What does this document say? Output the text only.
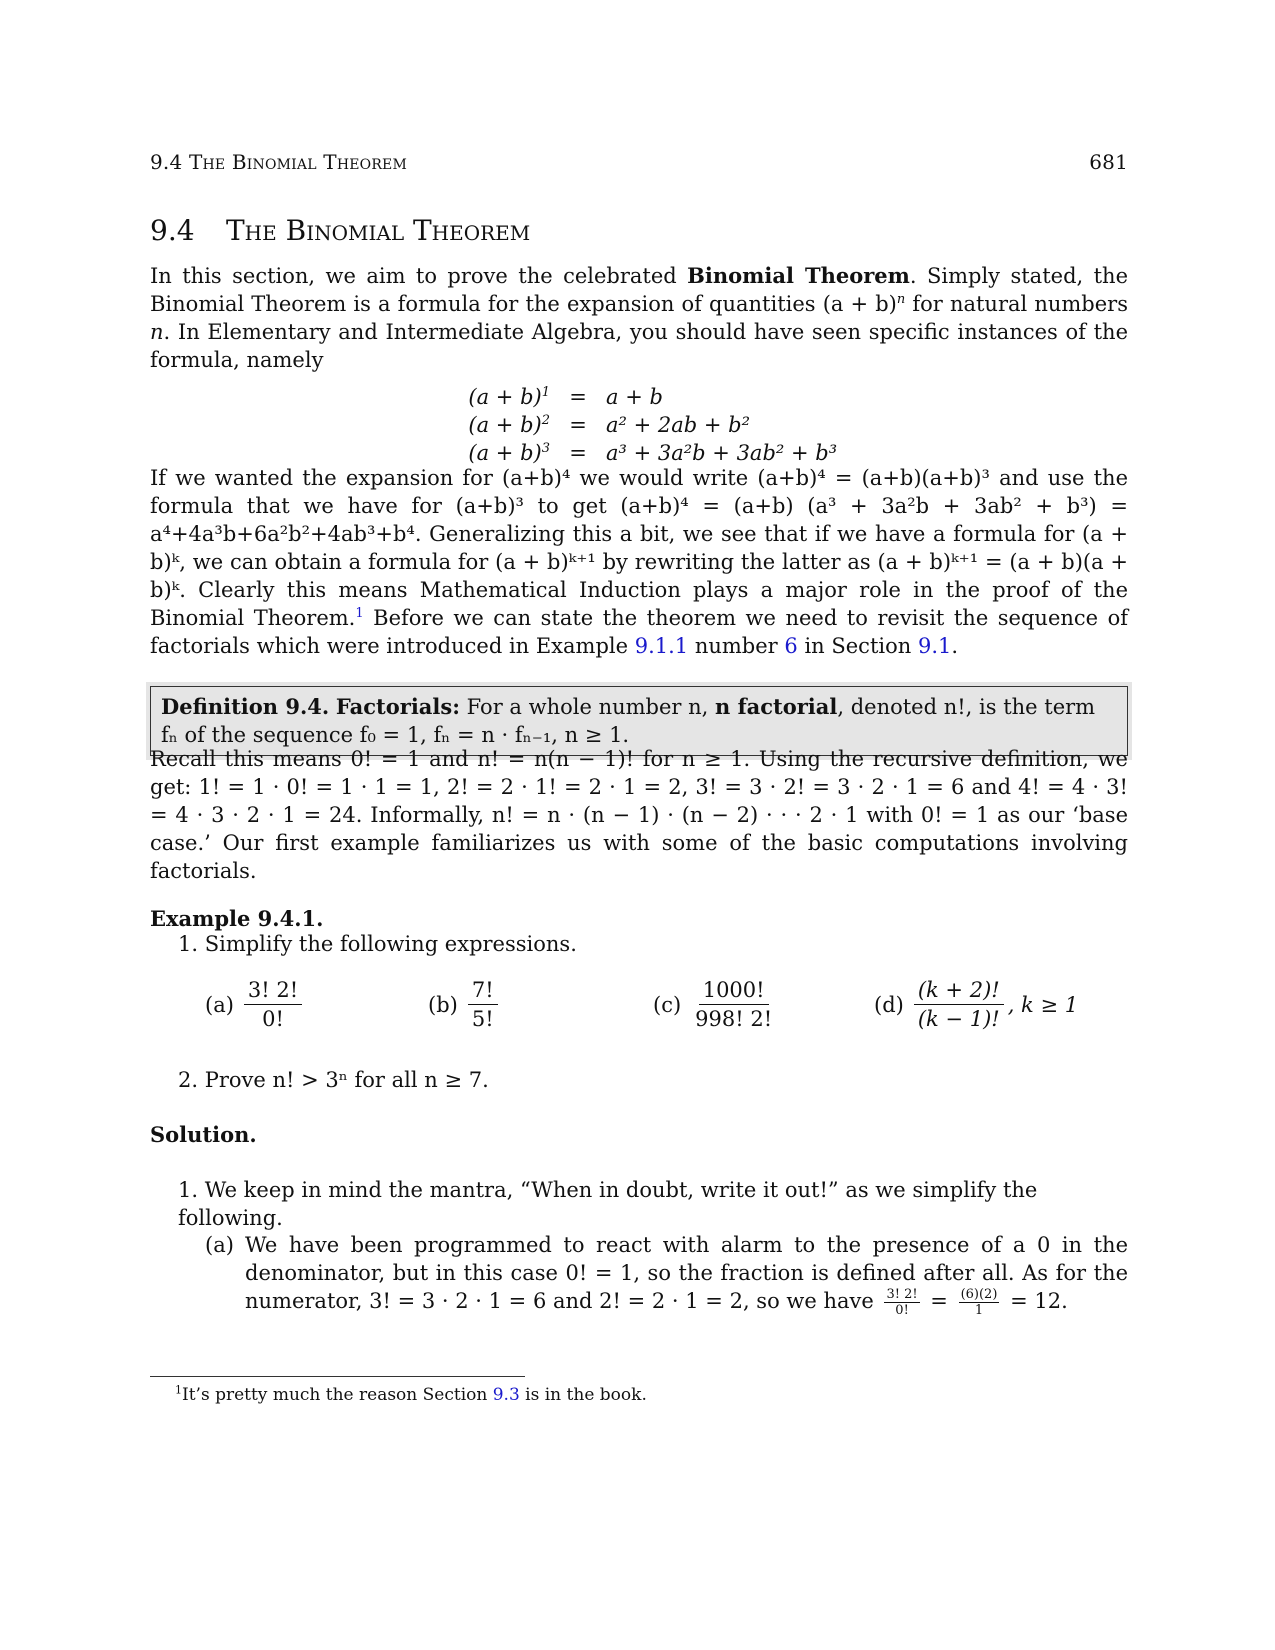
9.4 The Binomial Theorem	681
9.4 The Binomial Theorem

In this section, we aim to prove the celebrated Binomial Theorem. Simply stated, the Binomial Theorem is a formula for the expansion of quantities $(a + b)^n$ for natural numbers n. In Elementary and Intermediate Algebra, you should have seen specific instances of the formula, namely

$(a + b)^1 = a + b$
$(a + b)^2 = a^2 + 2ab + b^2$
$(a + b)^3 = a^3 + 3a^2b + 3ab^2 + b^3$

If we wanted the expansion for (a+b)⁴ we would write (a+b)⁴ = (a+b)(a+b)³ and use the formula that we have for (a+b)³ to get (a+b)⁴ = (a+b) (a³ + 3a²b + 3ab² + b³) = a⁴+4a³b+6a²b²+4ab³+b⁴. Generalizing this a bit, we see that if we have a formula for (a + b)ᵏ, we can obtain a formula for (a + b)ᵏ⁺¹ by rewriting the latter as (a + b)ᵏ⁺¹ = (a + b)(a + b)ᵏ. Clearly this means Mathematical Induction plays a major role in the proof of the Binomial Theorem.$^1$ Before we can state the theorem we need to revisit the sequence of factorials which were introduced in Example 9.1.1 number 6 in Section 9.1.

Definition 9.4. Factorials: For a whole number n, n factorial, denoted n!, is the term fₙ of the sequence f₀ = 1, fₙ = n · fₙ₋₁, n ≥ 1.

Recall this means 0! = 1 and n! = n(n − 1)! for n ≥ 1. Using the recursive definition, we get: 1! = 1 · 0! = 1 · 1 = 1, 2! = 2 · 1! = 2 · 1 = 2, 3! = 3 · 2! = 3 · 2 · 1 = 6 and 4! = 4 · 3! = 4 · 3 · 2 · 1 = 24. Informally, n! = n · (n − 1) · (n − 2) · · · 2 · 1 with 0! = 1 as our ‘base case.’ Our first example familiarizes us with some of the basic computations involving factorials.

Example 9.4.1.
1. Simplify the following expressions.
$(a) \frac{3! 2!}{0!}$	$(b) \frac{7!}{5!}$	$(c) \frac{1000!}{998! 2!}$	$(d) \frac{(k + 2)!}{(k - 1)!}$ , k ≥ 1
2. Prove n! > 3ⁿ for all n ≥ 7.
Solution.
1. We keep in mind the mantra, “When in doubt, write it out!” as we simplify the following.
(a) We have been programmed to react with alarm to the presence of a 0 in the denominator, but in this case 0! = 1, so the fraction is defined after all. As for the numerator, 3! = 3 · 2 · 1 = 6 and 2! = 2 · 1 = 2, so we have $\frac{3! 2!}{0!} = \frac{(6)(2)}{1} = 12$.
$^1$It’s pretty much the reason Section 9.3 is in the book.
